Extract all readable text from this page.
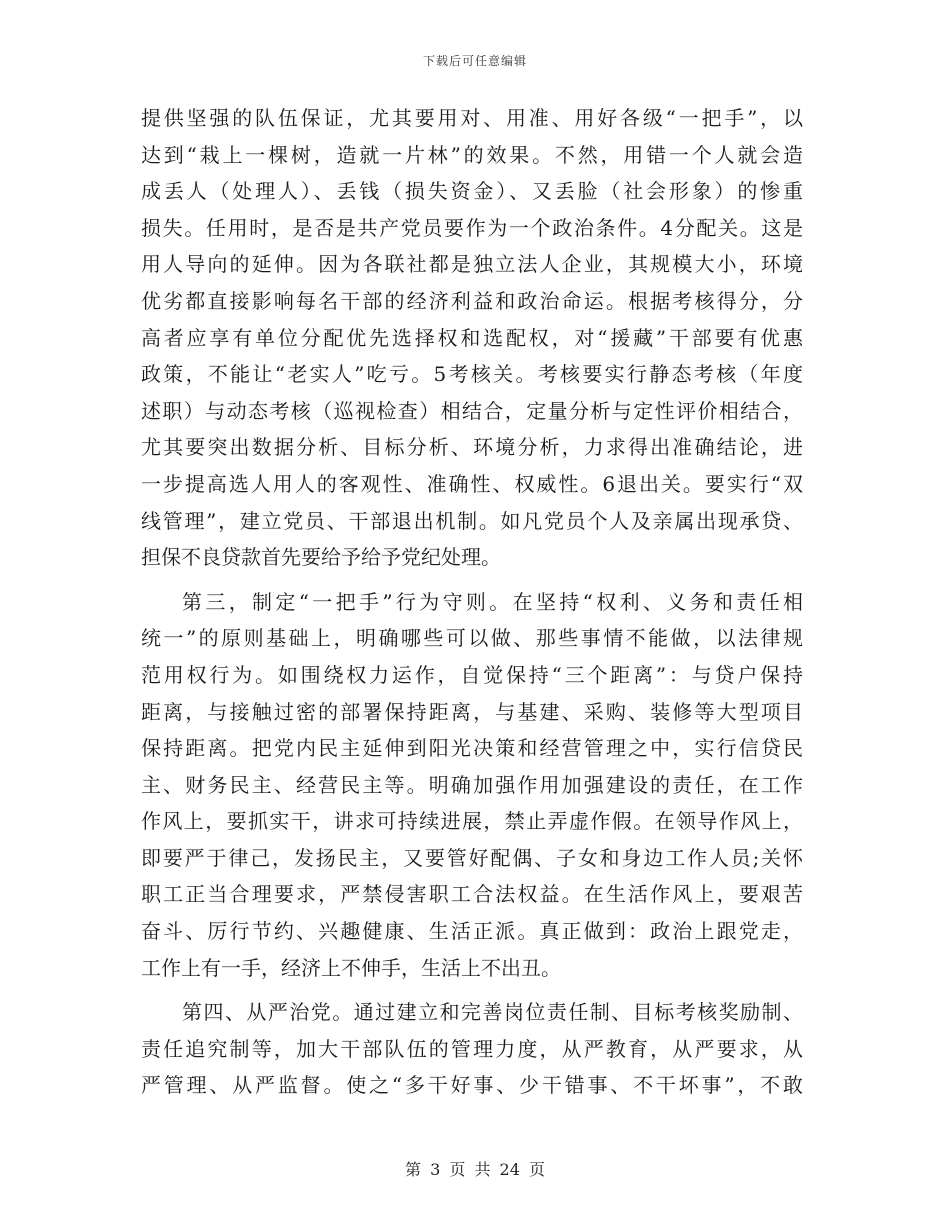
下载后可任意编辑
提供坚强的队伍保证，尤其要用对、用准、用好各级“一把手”，以
达到“栽上一棵树，造就一片林”的效果。不然，用错一个人就会造
成丢人（处理人）、丢钱（损失资金）、又丢脸（社会形象）的惨重
损失。任用时，是否是共产党员要作为一个政治条件。4分配关。这是
用人导向的延伸。因为各联社都是独立法人企业，其规模大小，环境
优劣都直接影响每名干部的经济利益和政治命运。根据考核得分，分
高者应享有单位分配优先选择权和选配权，对“援藏”干部要有优惠
政策，不能让“老实人”吃亏。5考核关。考核要实行静态考核（年度
述职）与动态考核（巡视检查）相结合，定量分析与定性评价相结合，
尤其要突出数据分析、目标分析、环境分析，力求得出准确结论，进
一步提高选人用人的客观性、准确性、权威性。6退出关。要实行“双
线管理”，建立党员、干部退出机制。如凡党员个人及亲属出现承贷、
担保不良贷款首先要给予给予党纪处理。
第三，制定“一把手”行为守则。在坚持“权利、义务和责任相
统一”的原则基础上，明确哪些可以做、那些事情不能做，以法律规
范用权行为。如围绕权力运作，自觉保持“三个距离”：与贷户保持
距离，与接触过密的部署保持距离，与基建、采购、装修等大型项目
保持距离。把党内民主延伸到阳光决策和经营管理之中，实行信贷民
主、财务民主、经营民主等。明确加强作用加强建设的责任，在工作
作风上，要抓实干，讲求可持续进展，禁止弄虚作假。在领导作风上，
即要严于律己，发扬民主，又要管好配偶、子女和身边工作人员;关怀
职工正当合理要求，严禁侵害职工合法权益。在生活作风上，要艰苦
奋斗、厉行节约、兴趣健康、生活正派。真正做到：政治上跟党走，
工作上有一手，经济上不伸手，生活上不出丑。
第四、从严治党。通过建立和完善岗位责任制、目标考核奖励制、
责任追究制等，加大干部队伍的管理力度，从严教育，从严要求，从
严管理、从严监督。使之“多干好事、少干错事、不干坏事”，不敢
第 3 页 共 24 页
